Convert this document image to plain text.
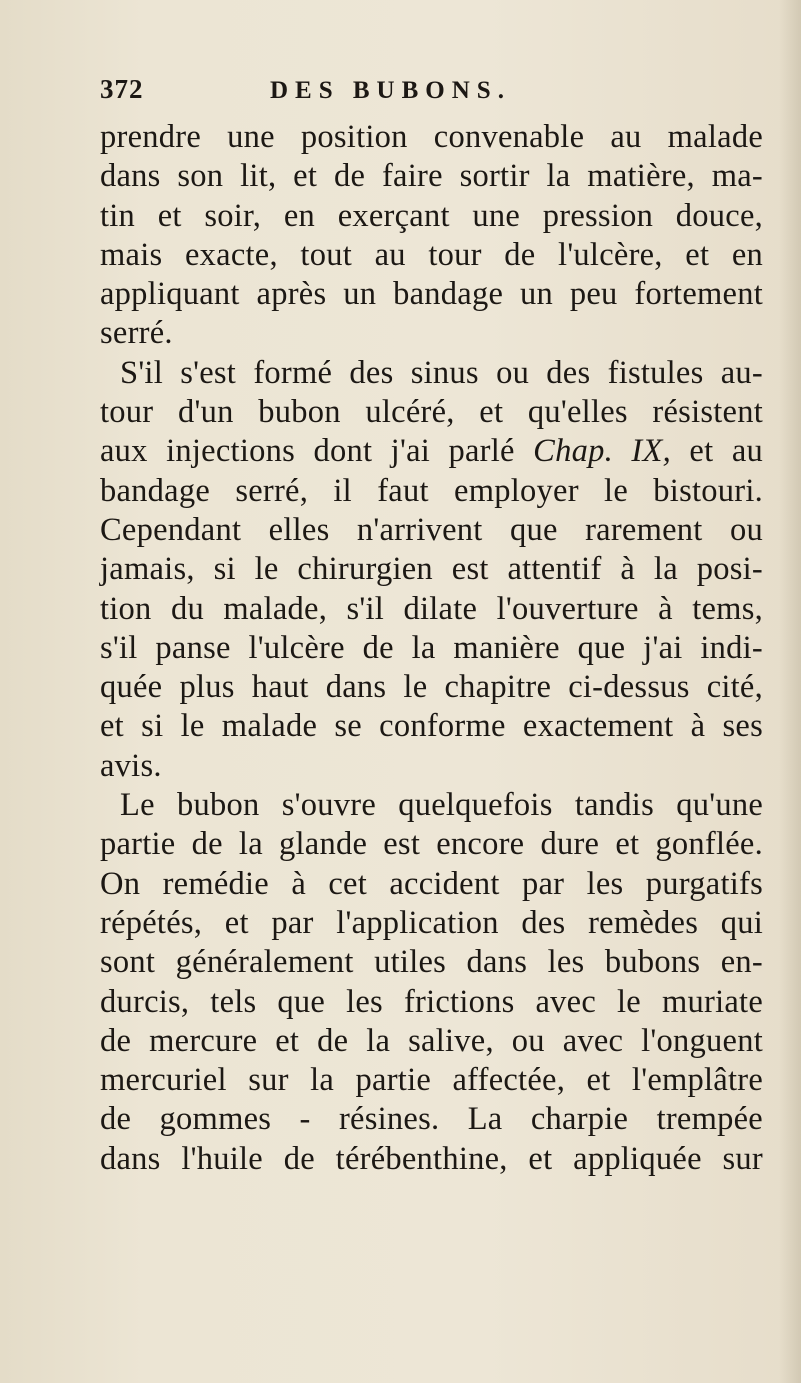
372	DES BUBONS.
prendre une position convenable au malade
dans son lit, et de faire sortir la matière, ma-
tin et soir, en exerçant une pression douce,
mais exacte, tout au tour de l'ulcère, et en
appliquant après un bandage un peu fortement
serré.
S'il s'est formé des sinus ou des fistules au-
tour d'un bubon ulcéré, et qu'elles résistent
aux injections dont j'ai parlé Chap. IX, et au
bandage serré, il faut employer le bistouri.
Cependant elles n'arrivent que rarement ou
jamais, si le chirurgien est attentif à la posi-
tion du malade, s'il dilate l'ouverture à tems,
s'il panse l'ulcère de la manière que j'ai indi-
quée plus haut dans le chapitre ci-dessus cité,
et si le malade se conforme exactement à ses
avis.
Le bubon s'ouvre quelquefois tandis qu'une
partie de la glande est encore dure et gonflée.
On remédie à cet accident par les purgatifs
répétés, et par l'application des remèdes qui
sont généralement utiles dans les bubons en-
durcis, tels que les frictions avec le muriate
de mercure et de la salive, ou avec l'onguent
mercuriel sur la partie affectée, et l'emplâtre
de gommes - résines. La charpie trempée
dans l'huile de térébenthine, et appliquée sur
